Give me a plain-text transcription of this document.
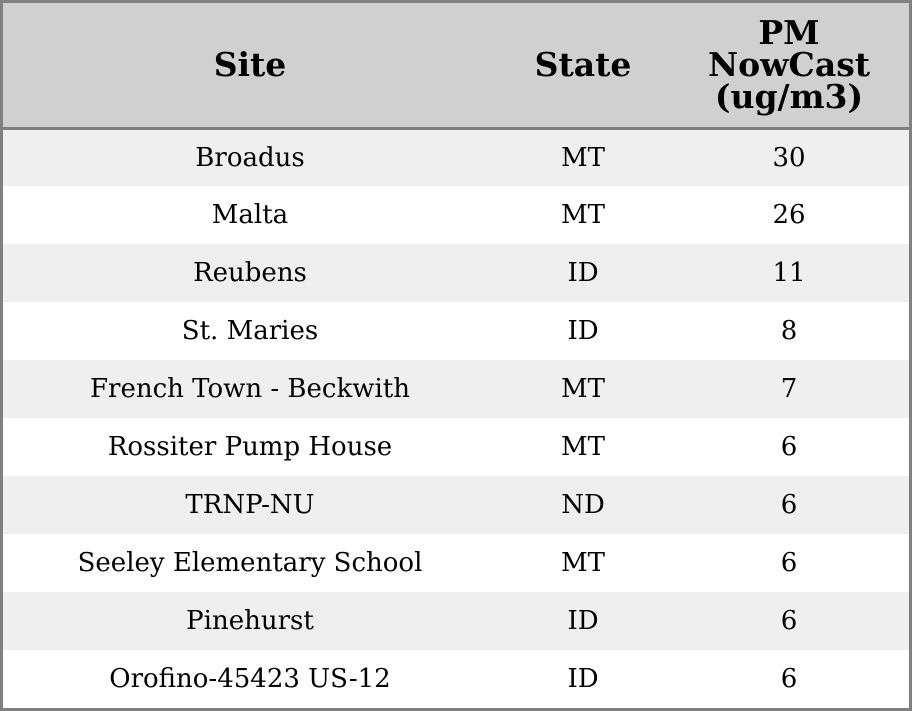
Site	State	PM
NowCast
(ug/m3)
Broadus	MT	30
Malta	MT	26
Reubens	ID	11
St. Maries	ID	8
French Town - Beckwith	MT	7
Rossiter Pump House	MT	6
TRNP-NU	ND	6
Seeley Elementary School	MT	6
Pinehurst	ID	6
Orofino-45423 US-12	ID	6
